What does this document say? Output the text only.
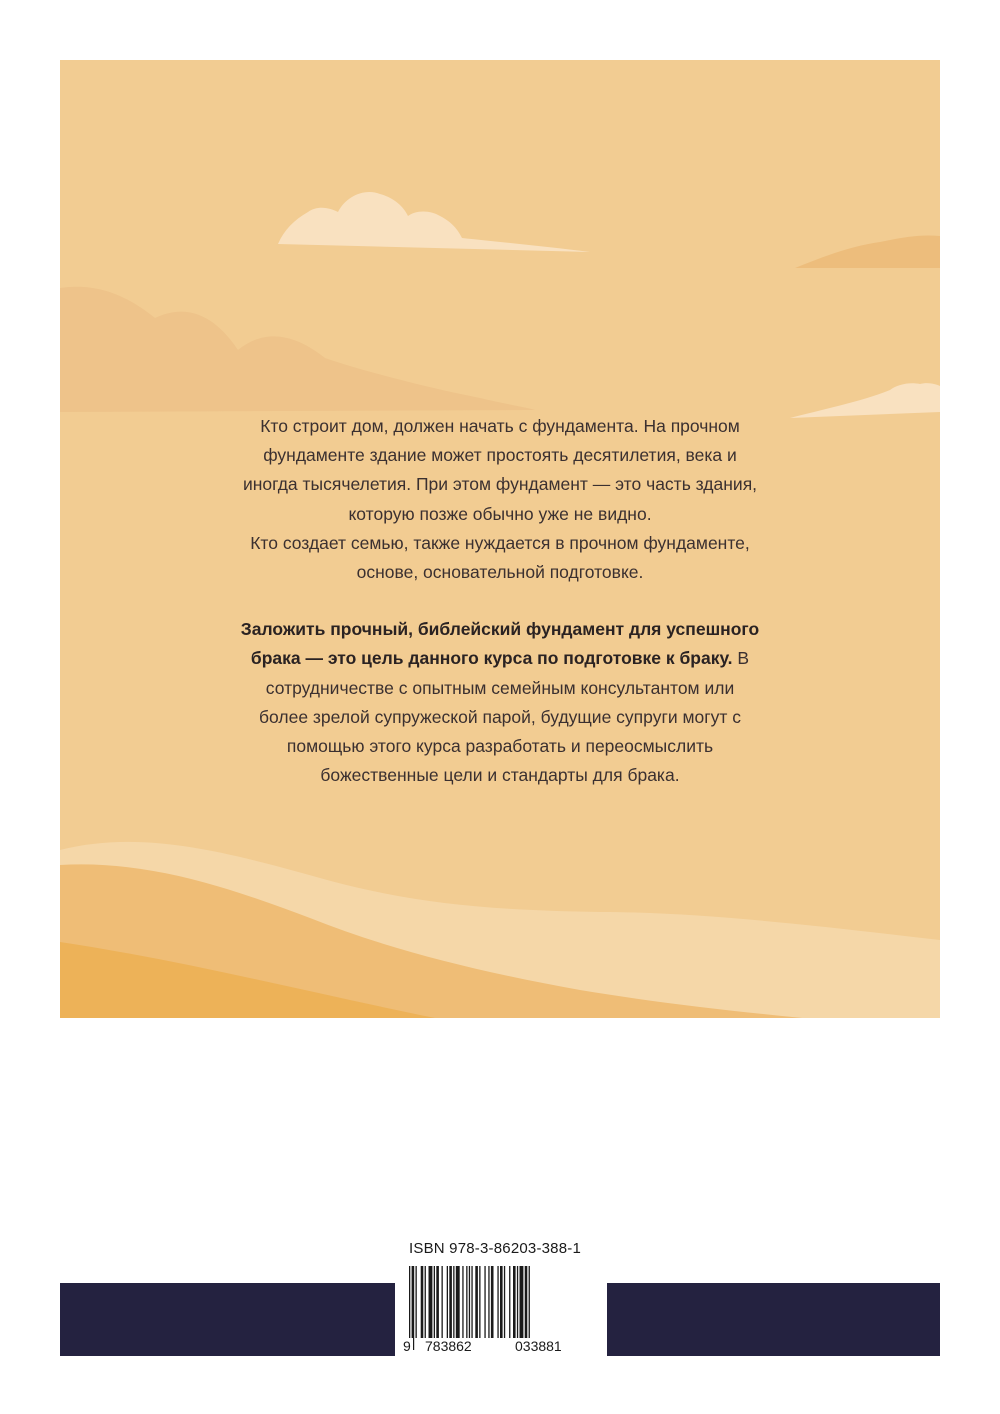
Кто строит дом, должен начать с фундамента. На прочном фундаменте здание может простоять десятилетия, века и иногда тысячелетия. При этом фундамент — это часть здания, которую позже обычно уже не видно.

Кто создает семью, также нуждается в прочном фундаменте, основе, основательной подготовке.

Заложить прочный, библейский фундамент для успешного брака — это цель данного курса по подготовке к браку. В сотрудничестве с опытным семейным консультантом или более зрелой супружеской парой, будущие супруги могут с помощью этого курса разработать и переосмыслить божественные цели и стандарты для брака.

ISBN 978-3-86203-388-1
9 783862	033881
